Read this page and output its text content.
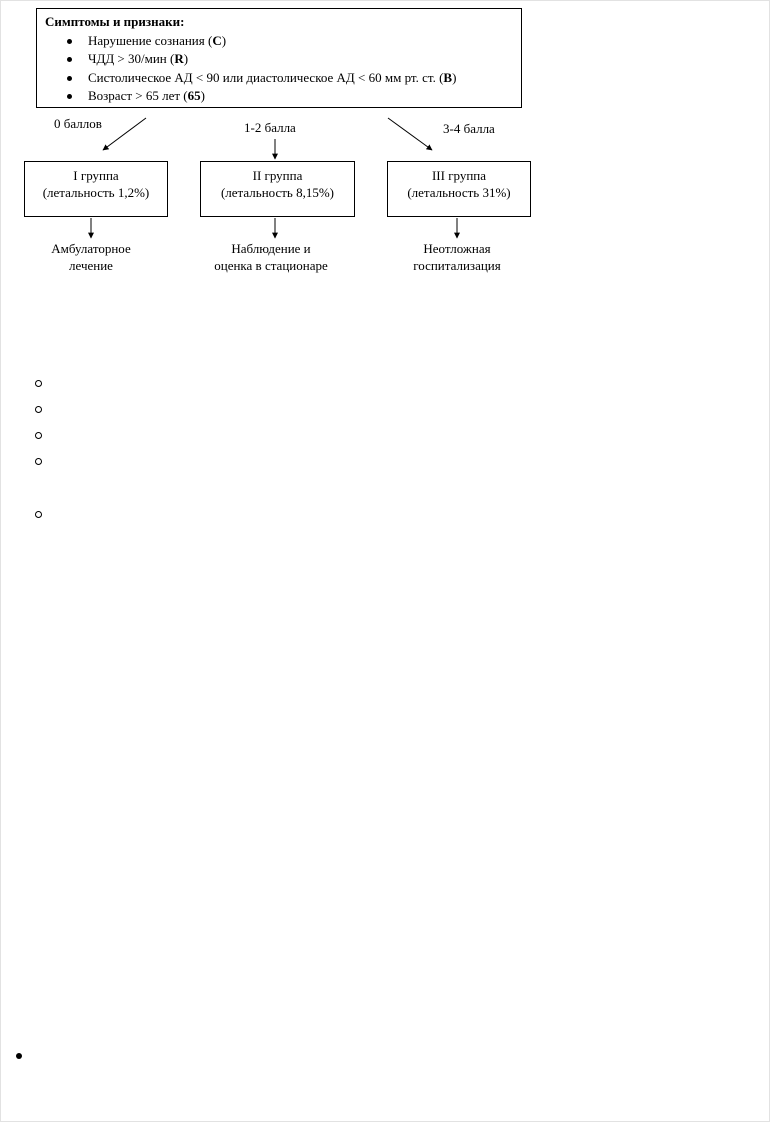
Симптомы и признаки:
Нарушение сознания (C)
ЧДД > 30/мин (R)
Систолическое АД < 90 или диастолическое АД < 60 мм рт. ст. (B)
Возраст > 65 лет (65)
0 баллов	1-2 балла	3-4 балла
I группа
(летальность 1,2%)
II группа
(летальность 8,15%)
III группа
(летальность 31%)
Амбулаторное
лечение
Наблюдение и
оценка в стационаре
Неотложная
госпитализация
